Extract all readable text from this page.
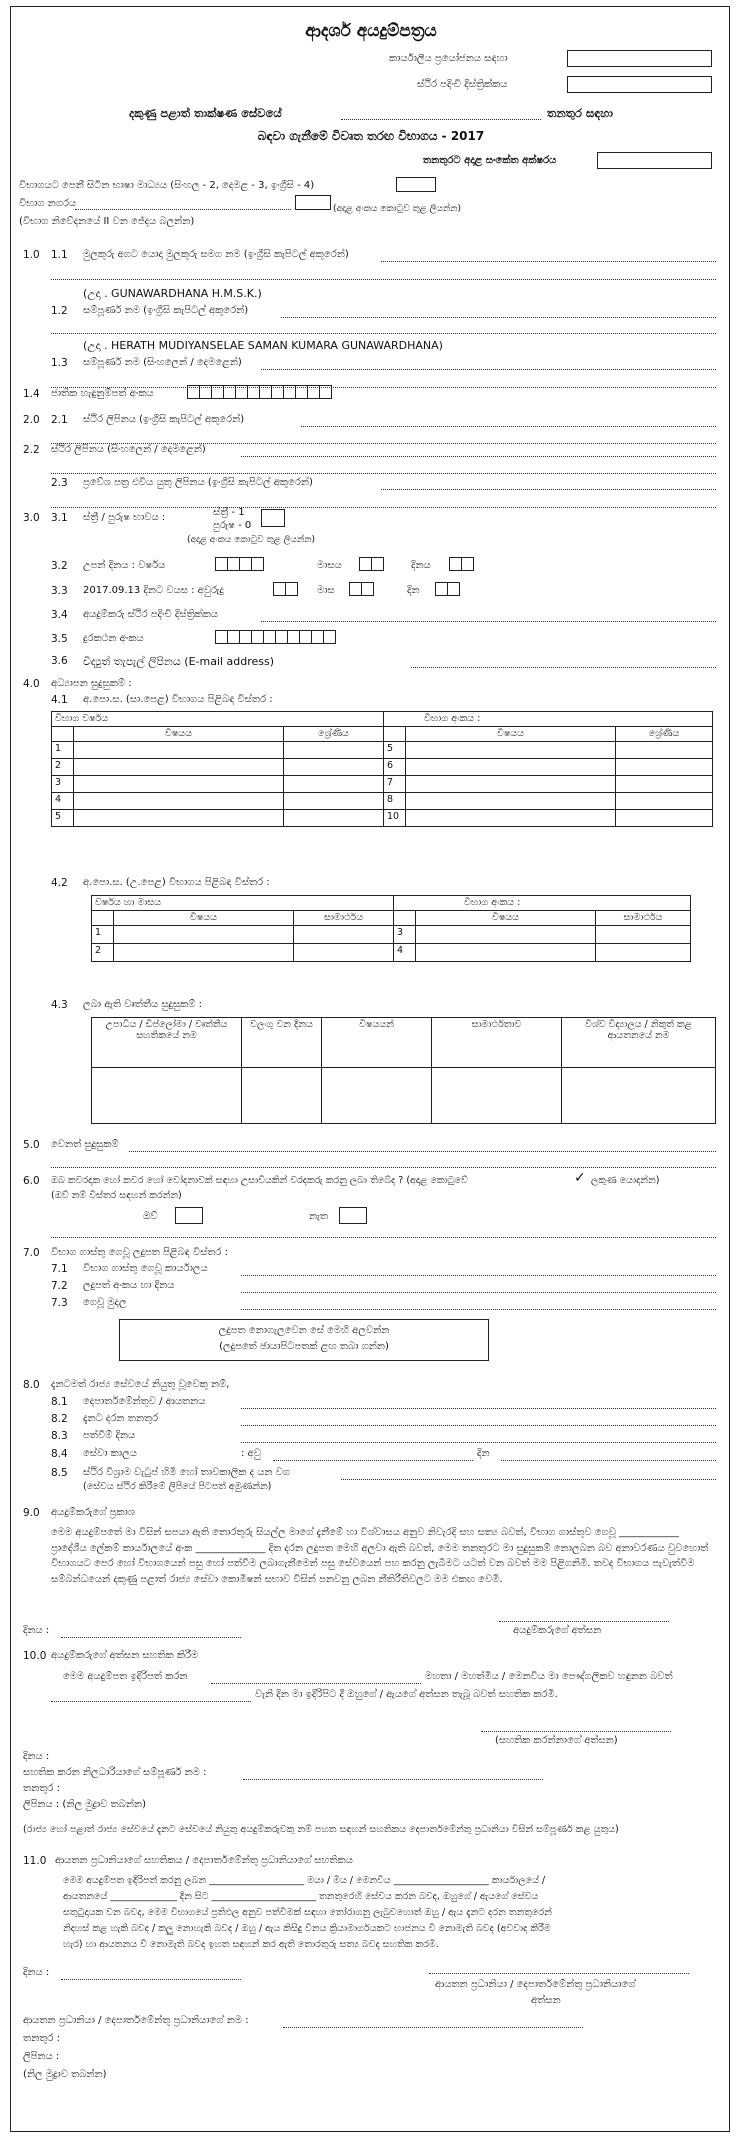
ආදර්ශ අයදුම්පත්‍රය
කාර්යාලීය ප්‍රයෝජනය සඳහා
ස්ථිර පදිංචි දිස්ත්‍රික්කය
දකුණු පළාත් තාක්ෂණ සේවයේ	තනතුර සඳහා
බඳවා ගැනීමේ විවෘත තරඟ විභාගය - 2017
තනතුරට අදාළ සංකේත අක්ෂරය
විභාගයට පෙනී සිටින භාෂා මාධ්‍යය (සිංහල - 2, දෙමළ - 3, ඉංග්‍රීසි - 4)
විභාග නගරය	(අදාළ අංකය කොටුව තුළ ලියන්න)
(විභාග නිවේදනයේ II වන ජේදය බලන්න)
1.0 1.1 මුලකුරු අගට යොදා මුලකුරු සමග නම (ඉංග්‍රීසි කැපිටල් අකුරෙන්)
(උදා . GUNAWARDHANA H.M.S.K.)
1.2 සම්පූර්ණ නම (ඉංග්‍රීසි කැපිටල් අකුරෙන්)
(උදා . HERATH MUDIYANSELAE SAMAN KUMARA GUNAWARDHANA)
1.3 සම්පූර්ණ නම (සිංහලෙන් / දෙමළෙන්)
1.4 ජාතික හැඳුනුම්පත් අංකය
2.0 2.1 ස්ථිර ලිපිනය (ඉංග්‍රීසි කැපිටල් අකුරෙන්)
2.2 ස්ථිර ලිපිනය (සිංහලෙන් / දෙමළෙන්)
2.3 ප්‍රවේශ පත්‍ර එවිය යුතු ලිපිනය (ඉංග්‍රීසි කැපිටල් අකුරෙන්)
3.0 3.1 ස්ත්‍රී / පුරුෂ භාවය :	ස්ත්‍රී - 1
පුරුෂ - 0
(අදාළ අංකය කොටුව තුළ ලියන්න)
3.2 උපන් දිනය : වර්ෂය	මාසය	දිනය
3.3 2017.09.13 දිනට වයස : අවුරුදු	මාස	දින
3.4 අයදුම්කරු ස්ථිර පදිංචි දිස්ත්‍රික්කය
3.5 දුරකථන අංකය
3.6 විද්‍යුත් තැපැල් ලිපිනය (E-mail address)
4.0 අධ්‍යාපන සුදුසුකම් :
4.1 අ.පො.ස. (සා.පෙළ) විභාගය පිළිබඳ විස්තර :
විභාග වර්ෂය			විභාග අංකය :		
	විෂයය	ශ්‍රේණිය		විෂයය	ශ්‍රේණිය
1			5		
2			6		
3			7		
4			8		
5			10		
4.2 අ.පො.ස. (උ.පෙළ) විභාගය පිළිබඳ විස්තර :
වර්ෂය හා මාසය			විභාග අංකය :		
	විෂයය	සාමාර්ථය		විෂයය	සාමාර්ථය
1			3		
2			4		
4.3 ලබා ඇති වෘත්තීය සුදුසුකම් :
උපාධිය / ඩිප්ලෝමා / වෘත්තීය සහතිකයේ නම	වලංගු වන දිනය	විෂයයන්	සාමාර්ථතාව	විශ්ව විද්‍යාලය / නිකුත් කළ ආයතනයේ නම

5.0 වෙනත් සුදුසුකම්
6.0 ඔබ කවරදාක හෝ කවර හෝ වෝදනාවක් සඳහා උසාවියකින් වරදකරු කරනු ලබා තිබේද ? (අදාළ කොටුවේ	✓ ලකුණ යොදන්න)
(ඔව් නම් විස්තර සඳහන් කරන්න)
ඔව්	නැත
7.0 විභාග ගාස්තු ගෙවූ ලදුපත පිළිබඳ විස්තර :
7.1 විභාග ගාස්තු ගෙවූ කාර්යාලය
7.2 ලදුපත් අංකය හා දිනය
7.3 ගෙවූ මුදල
ලදුපත නොගැලවෙන සේ මෙහි අලවන්න
(ලදුපතේ ඡායාපිටපතක් ළඟ තබා ගන්න)
8.0 දැනටමත් රාජ්‍ය සේවයේ නියුතු වූවෙකු නම්,
8.1 දෙපාර්තමේන්තුව / ආයතනය
8.2 දැනට දරන තනතුර
8.3 පත්වීම් දිනය
8.4 සේවා කාලය	: අවු	දින
8.5 ස්ථිර විශ්‍රාම වැටුප් හිමි හෝ තාවකාලික ද යන වග
(සේවය ස්ථිර කිරීමේ ලිපියේ පිටපත් අමුණන්න)
9.0 අයදුම්කරුගේ ප්‍රකාශ
මෙම අයදුම්පතේ මා විසින් සපයා ඇති තොරතුරු සියල්ල මාගේ දැනීමේ හා විශ්වාසය අනුව නිවැරදි සහ සත්‍ය බවත්, විභාග ගාස්තුව ගෙවූ ____________ ප්‍රාදේශීය ලේකම් කාර්යාලයේ අංක ______________ දිත දරන ලදුපත මෙහි අලවා ඇති බවත්, මෙම තනතුරට මා සුදුසුකම් නොලබන බව අනාවරණය වුවහොත් විභාගයට පෙර හෝ විභාගයෙන් පසු හෝ පත්වීම ලබාගැනීමෙන් පසු සේවයෙන් පහ කරනු ලැබීමට යටත් වන බවත් මම පිළිගනිමි. තවද විභාගය පැවැත්වීම සම්බන්ධයෙන් දකුණු පළාත් රාජ්‍ය සේවා කොමිෂන් සභාව විසින් පනවනු ලබන නීතිරීතිවලට මම එකඟ වෙමි.
අයදුම්කරුගේ අත්සන
දිනය :
10.0 අයදුම්කරුගේ අත්සන සහතික කිරීම
මෙම අයදුම්පත ඉදිරිපත් කරන	මහතා / මහත්මිය / මෙනවිය මා පෞද්ගලිකව හඳුනන බවත්
වැනි දින මා ඉදිරිපිට දී ඔහුගේ / ඇයගේ අත්සන තැබූ බවත් සහතික කරමි.
(සහතික කරන්නාගේ අත්සන)
දිනය :
සහතික කරන නිලධාරියාගේ සම්පූර්ණ නම :
තනතුර :
ලිපිනය : (නිල මුද්‍රාව තබන්න)
(රාජ්‍ය හෝ පළාත් රාජ්‍ය සේවයේ දැනට සේවයේ නියුතු අයදුම්කරුවකු නම් පහත සඳහන් සහතිකය දෙපාර්තමේන්තු ප්‍රධානියා විසින් සම්පූර්ණ කළ යුතුය)
11.0 ආයතන ප්‍රධානියාගේ සහතිකය / දෙපාර්තමේන්තු ප්‍රධානියාගේ සහතිකය
මෙම අයදුම්පත ඉදිරිපත් කරනු ලබන ____________________ මයා / මිය / මෙනවිය ____________________ කාර්යාලයේ /
ආයතනයේ ______________ දින සිට ______________________ තනතුරෙහි සේවය කරන බවද, ඔහුගේ / ඇයගේ සේවය
සතුටුදායක වන බවද, මෙම විභාගයේ ප්‍රතිඵල අනුව පත්වීමක් සඳහා තෝරාගනු ලැබුවහොත් ඔහු / ඇය දැනට දරන තනතුරෙන්
නිදහස් කළ හැකි බවද / කලු නොහැකි බවද / ඔහු / ඇය කිසිදු විනය ක්‍රියාමාර්ගයකට භාජනය වී නොමැති බවද (අවවාද කිරීම
හැර) හා ආයතනය වී නොමැති බවද ඉහත සඳහන් කර ඇති තොරතුරු සත්‍ය බවද සහතික කරමි.
දිනය :
ආයතන ප්‍රධානියා / දෙපාර්තමේන්තු ප්‍රධානියාගේ
අත්සන
ආයතන ප්‍රධානියා / දෙපාර්තමේන්තු ප්‍රධානියාගේ නම :
තනතුර :
ලිපිනය :
(නිල මුද්‍රාව තබන්න)
